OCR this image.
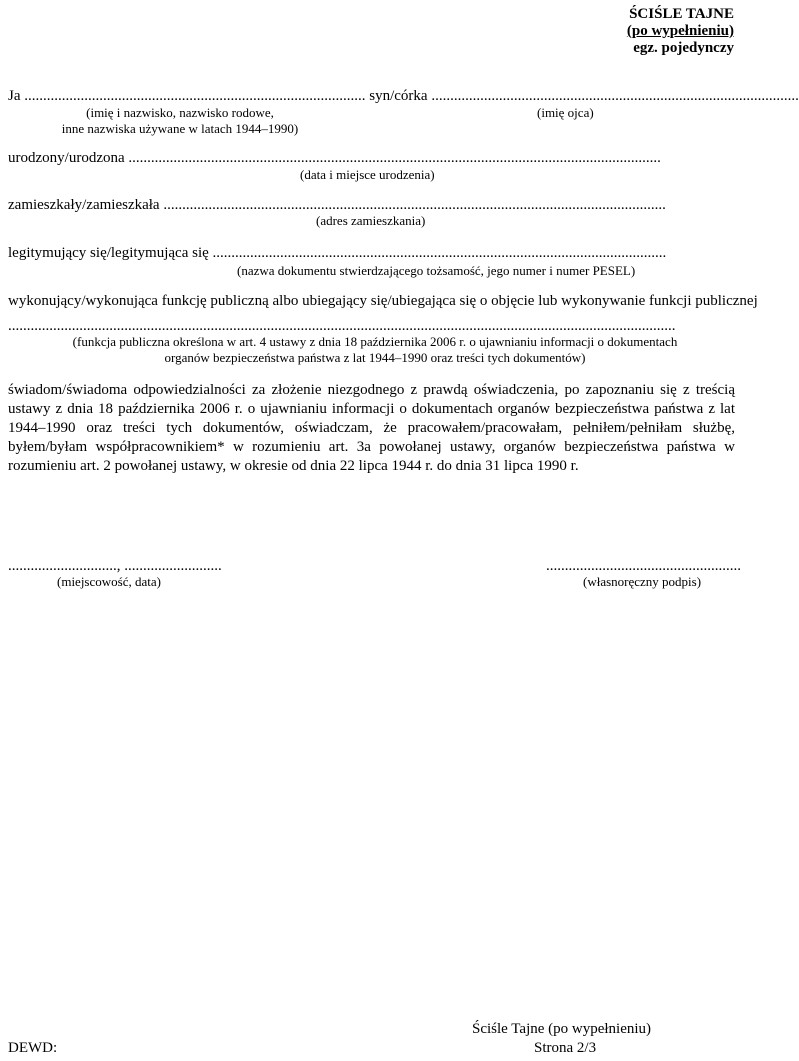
ŚCIŚLE TAJNE
(po wypełnieniu)
egz. pojedynczy
Ja ........................................................................................... syn/córka ..................................................................................................
(imię i nazwisko, nazwisko rodowe,
inne nazwiska używane w latach 1944–1990)
(imię ojca)
urodzony/urodzona ..............................................................................................................................................
(data i miejsce urodzenia)
zamieszkały/zamieszkała ......................................................................................................................................
(adres zamieszkania)
legitymujący się/legitymująca się .........................................................................................................................
(nazwa dokumentu stwierdzającego tożsamość, jego numer i numer PESEL)
wykonujący/wykonująca funkcję publiczną albo ubiegający się/ubiegająca się o objęcie lub wykonywanie funkcji publicznej
..................................................................................................................................................................................
(funkcja publiczna określona w art. 4 ustawy z dnia 18 października 2006 r. o ujawnianiu informacji o dokumentach
organów bezpieczeństwa państwa z lat 1944–1990 oraz treści tych dokumentów)
świadom/świadoma odpowiedzialności za złożenie niezgodnego z prawdą oświadczenia, po zapoznaniu się z treścią ustawy z dnia 18 października 2006 r. o ujawnianiu informacji o dokumentach organów bezpieczeństwa państwa z lat 1944–1990 oraz treści tych dokumentów, oświadczam, że pracowałem/pracowałam, pełniłem/pełniłam służbę, byłem/byłam współpracownikiem* w rozumieniu art. 3a powołanej ustawy, organów bezpieczeństwa państwa w rozumieniu art. 2 powołanej ustawy, w okresie od dnia 22 lipca 1944 r. do dnia 31 lipca 1990 r.
............................., ..........................
(miejscowość, data)
....................................................
(własnoręczny podpis)
Ściśle Tajne (po wypełnieniu)
DEWD:	Strona 2/3
